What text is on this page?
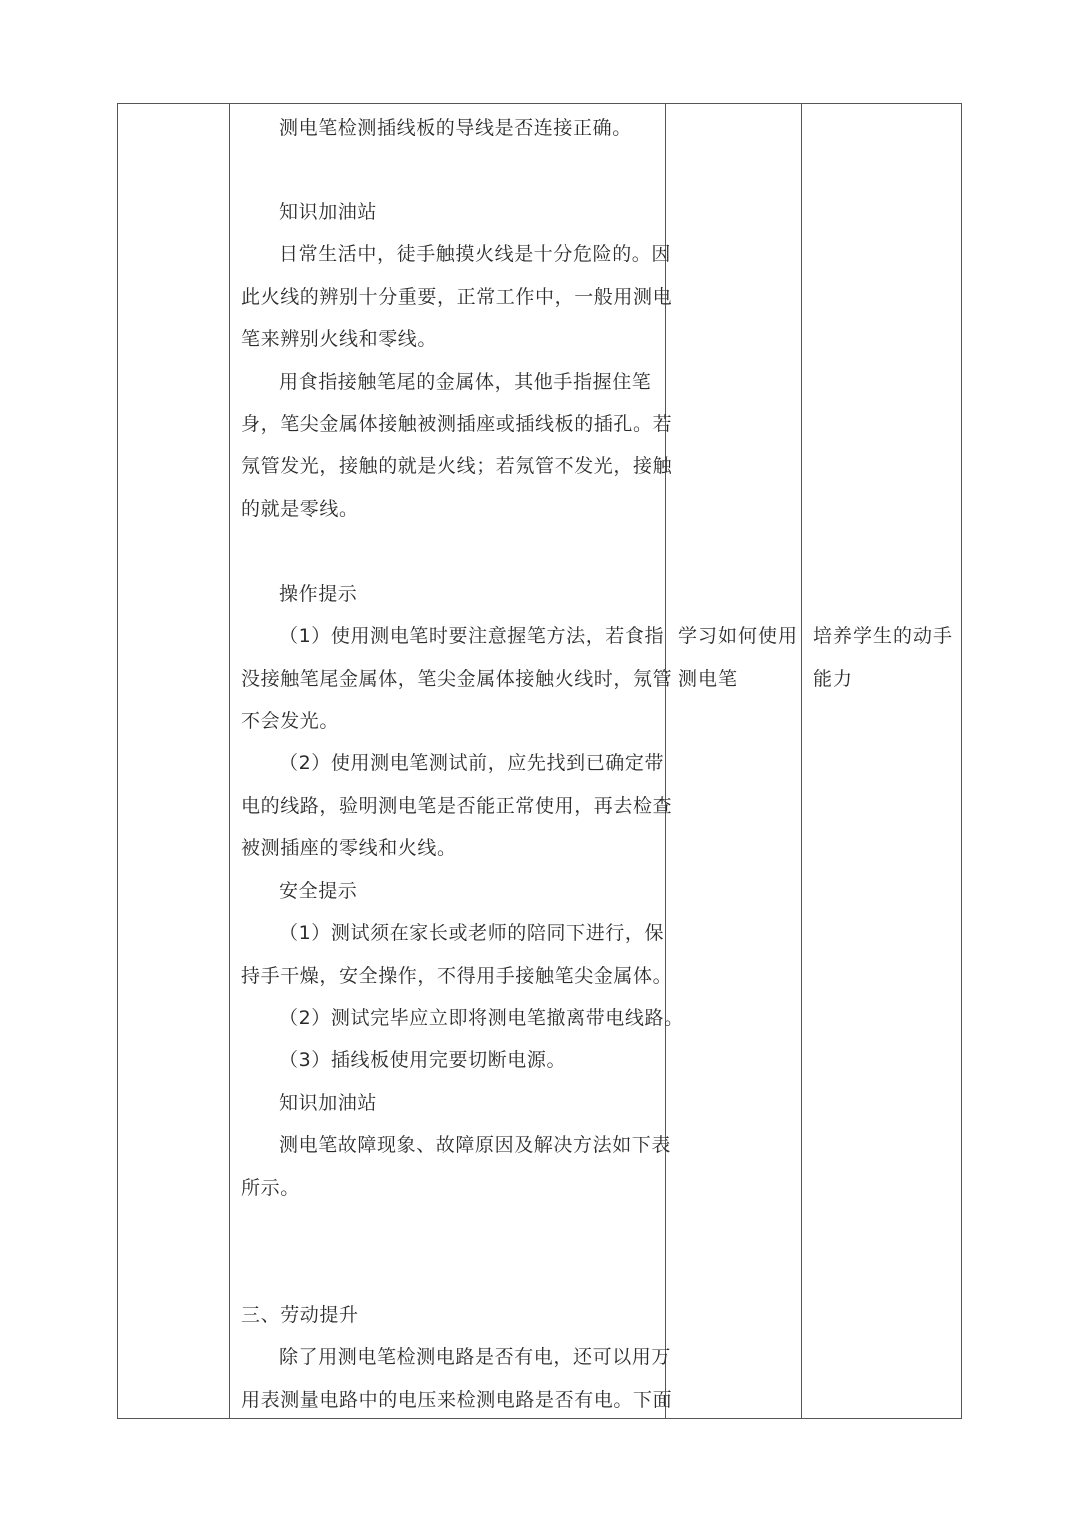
测电笔检测插线板的导线是否连接正确。
知识加油站
日常生活中，徒手触摸火线是十分危险的。因
此火线的辨别十分重要，正常工作中，一般用测电
笔来辨别火线和零线。
用食指接触笔尾的金属体，其他手指握住笔
身，笔尖金属体接触被测插座或插线板的插孔。若
氖管发光，接触的就是火线；若氖管不发光，接触
的就是零线。
操作提示
（1）使用测电笔时要注意握笔方法，若食指
没接触笔尾金属体，笔尖金属体接触火线时，氖管
不会发光。
（2）使用测电笔测试前，应先找到已确定带
电的线路，验明测电笔是否能正常使用，再去检查
被测插座的零线和火线。
安全提示
（1）测试须在家长或老师的陪同下进行，保
持手干燥，安全操作，不得用手接触笔尖金属体。
（2）测试完毕应立即将测电笔撤离带电线路。
（3）插线板使用完要切断电源。
知识加油站
测电笔故障现象、故障原因及解决方法如下表
所示。
三、劳动提升
除了用测电笔检测电路是否有电，还可以用万
用表测量电路中的电压来检测电路是否有电。下面
学习如何使用
测电笔
培养学生的动手
能力
